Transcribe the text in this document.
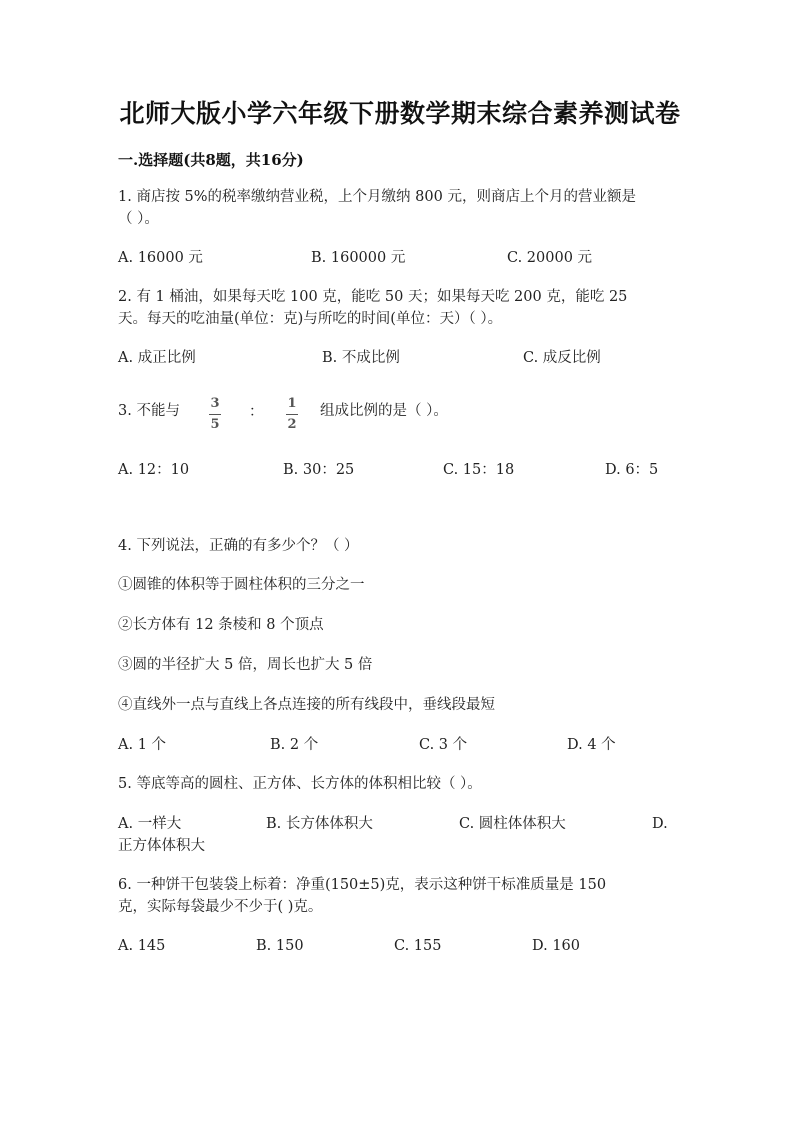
北师大版小学六年级下册数学期末综合素养测试卷
一.选择题(共8题，共16分)
1. 商店按 5%的税率缴纳营业税，上个月缴纳 800 元，则商店上个月的营业额是
（ ）。
A. 16000 元	B. 160000 元	C. 20000 元
2. 有 1 桶油，如果每天吃 100 克，能吃 50 天；如果每天吃 200 克，能吃 25
天。每天的吃油量(单位：克)与所吃的时间(单位：天）（ ）。
A. 成正比例	B. 不成比例	C. 成反比例
3. 不能与 3
5
：
1
2
组成比例的是（ ）。
A. 12：10	B. 30：25	C. 15：18	D. 6：5
4. 下列说法，正确的有多少个？（ ）
①圆锥的体积等于圆柱体积的三分之一
②长方体有 12 条棱和 8 个顶点
③圆的半径扩大 5 倍，周长也扩大 5 倍
④直线外一点与直线上各点连接的所有线段中，垂线段最短
A. 1 个	B. 2 个	C. 3 个	D. 4 个
5. 等底等高的圆柱、正方体、长方体的体积相比较（ ）。
A. 一样大	B. 长方体体积大	C. 圆柱体体积大	D.
正方体体积大
6. 一种饼干包装袋上标着：净重(150±5)克，表示这种饼干标准质量是 150
克，实际每袋最少不少于( )克。
A. 145	B. 150	C. 155	D. 160
